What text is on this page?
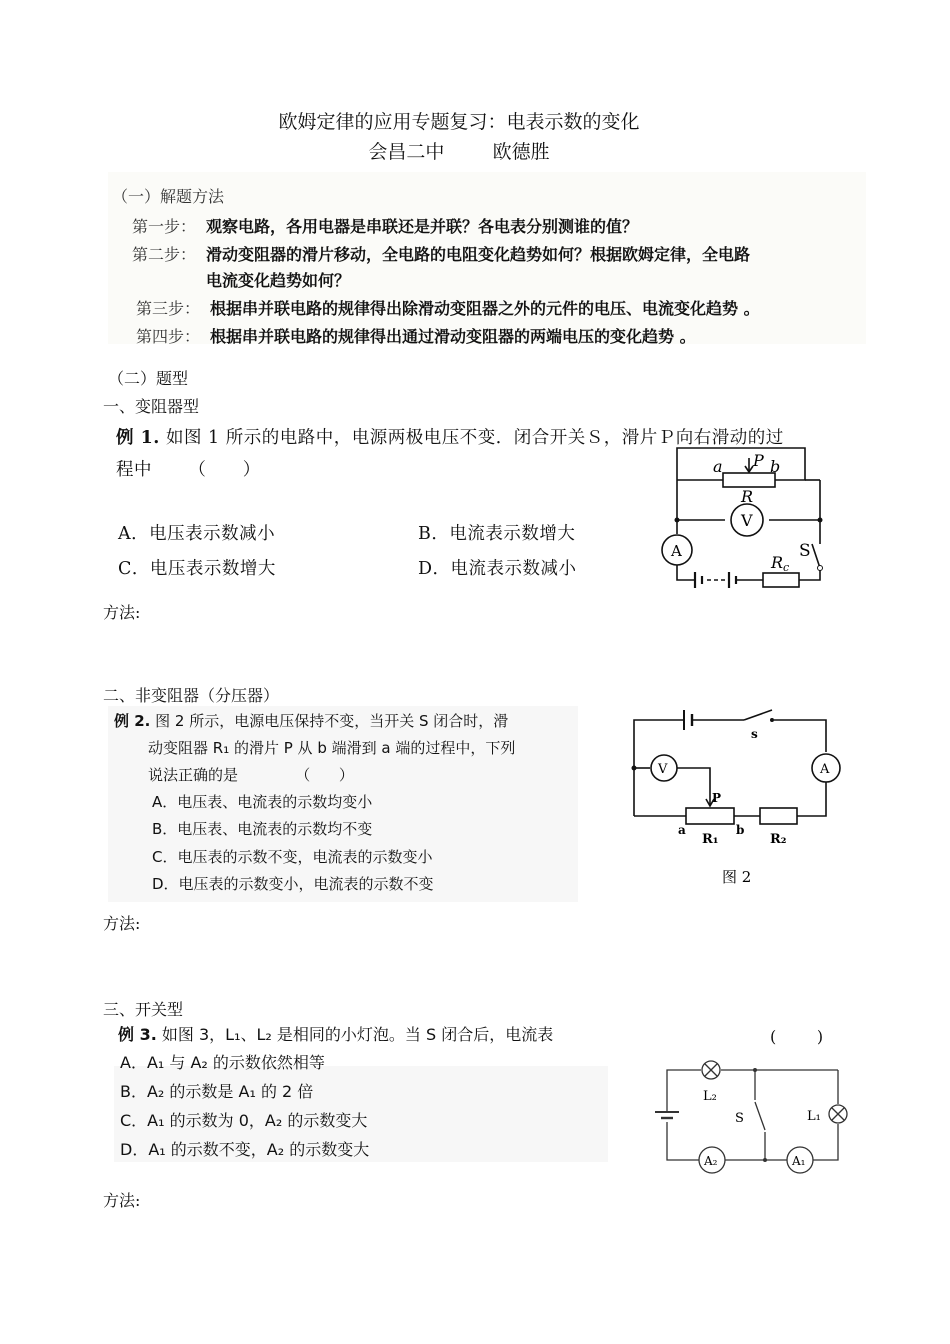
欧姆定律的应用专题复习：电表示数的变化
会昌二中        欧德胜
（一）解题方法
第一步： 观察电路，各用电器是串联还是并联？各电表分别测谁的值？
第二步： 滑动变阻器的滑片移动，全电路的电阻变化趋势如何？根据欧姆定律，全电路
电流变化趋势如何？
第三步： 根据串并联电路的规律得出除滑动变阻器之外的元件的电压、电流变化趋势 。
第四步： 根据串并联电路的规律得出通过滑动变阻器的两端电压的变化趋势 。
（二）题型
一、变阻器型
例 1. 如图 1 所示的电路中，电源两极电压不变．闭合开关Ｓ，滑片Ｐ向右滑动的过
程中      （      ）
A．电压表示数减小	B．电流表示数增大
C．电压表示数增大	D．电流表示数减小
方法:
a P b
R
V
A	S
Rc
二、非变阻器（分压器）
例 2. 图 2 所示，电源电压保持不变，当开关 S 闭合时，滑
动变阻器 R₁ 的滑片 P 从 b 端滑到 a 端的过程中，下列
说法正确的是            （      ）
A．电压表、电流表的示数均变小
B．电压表、电流表的示数均不变
C．电压表的示数不变，电流表的示数变小
D．电压表的示数变小，电流表的示数不变
方法:
s
V	A
P
a	b
R₁	R₂
图 2
三、开关型
例 3. 如图 3，L₁、L₂ 是相同的小灯泡。当 S 闭合后，电流表	(        )
A．A₁ 与 A₂ 的示数依然相等
B．A₂ 的示数是 A₁ 的 2 倍
C．A₁ 的示数为 0，A₂ 的示数变大
D．A₁ 的示数不变，A₂ 的示数变大
方法:
L₂
L₁
S
A₂	A₁
